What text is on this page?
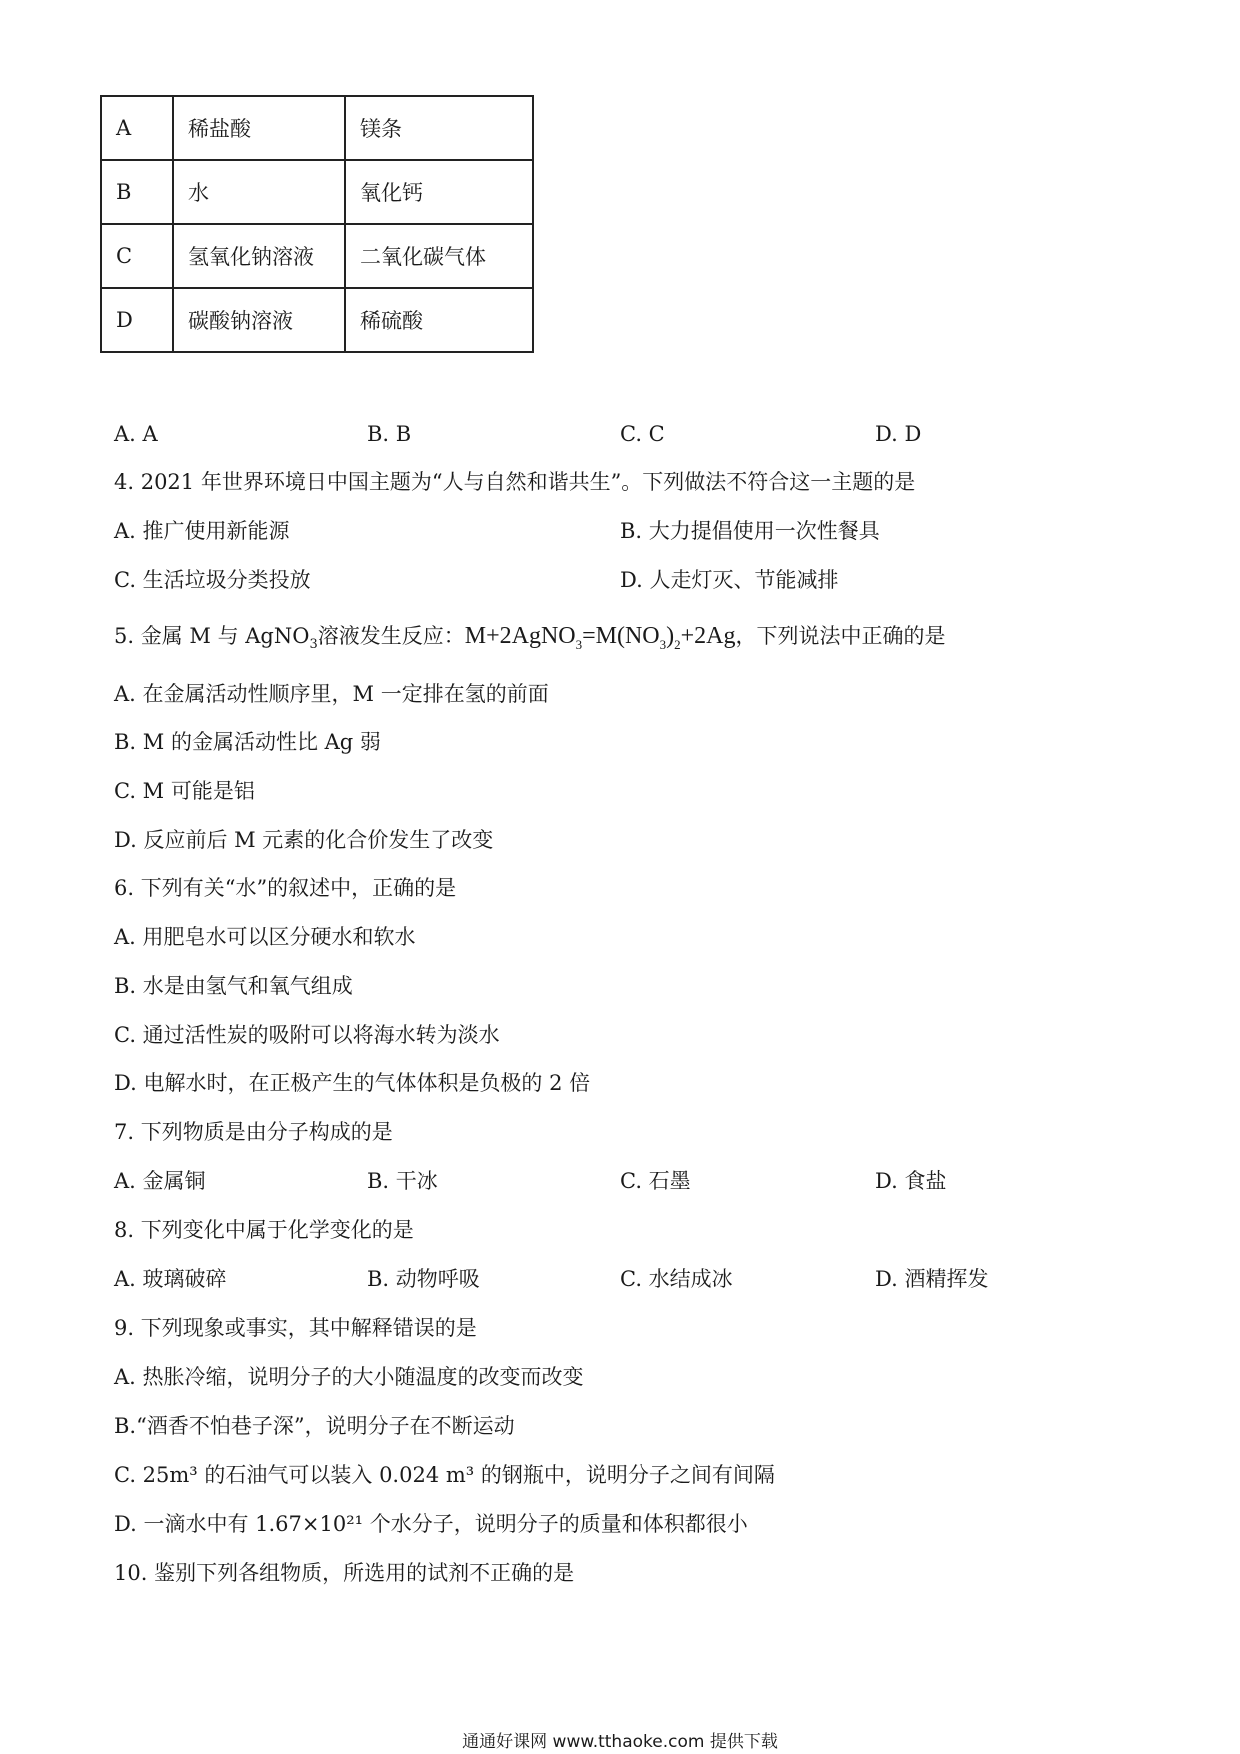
A	稀盐酸	镁条
B	水	氧化钙
C	氢氧化钠溶液	二氧化碳气体
D	碳酸钠溶液	稀硫酸
A. A	B. B	C. C	D. D
4. 2021 年世界环境日中国主题为“人与自然和谐共生”。下列做法不符合这一主题的是
A. 推广使用新能源	B. 大力提倡使用一次性餐具
C. 生活垃圾分类投放	D. 人走灯灭、节能减排
5. 金属 M 与 AgNO$_3$溶液发生反应：$M+2AgNO_3=M(NO_3)_2+2Ag$，下列说法中正确的是
A. 在金属活动性顺序里，M 一定排在氢的前面
B. M 的金属活动性比 Ag 弱
C. M 可能是铝
D. 反应前后 M 元素的化合价发生了改变
6. 下列有关“水”的叙述中，正确的是
A. 用肥皂水可以区分硬水和软水
B. 水是由氢气和氧气组成
C. 通过活性炭的吸附可以将海水转为淡水
D. 电解水时，在正极产生的气体体积是负极的 2 倍
7. 下列物质是由分子构成的是
A. 金属铜	B. 干冰	C. 石墨	D. 食盐
8. 下列变化中属于化学变化的是
A. 玻璃破碎	B. 动物呼吸	C. 水结成冰	D. 酒精挥发
9. 下列现象或事实，其中解释错误的是
A. 热胀冷缩，说明分子的大小随温度的改变而改变
B.“酒香不怕巷子深”，说明分子在不断运动
C. 25m³ 的石油气可以装入 0.024 m³ 的钢瓶中，说明分子之间有间隔
D. 一滴水中有 1.67×10²¹ 个水分子，说明分子的质量和体积都很小
10. 鉴别下列各组物质，所选用的试剂不正确的是
通通好课网 www.tthaoke.com 提供下载
